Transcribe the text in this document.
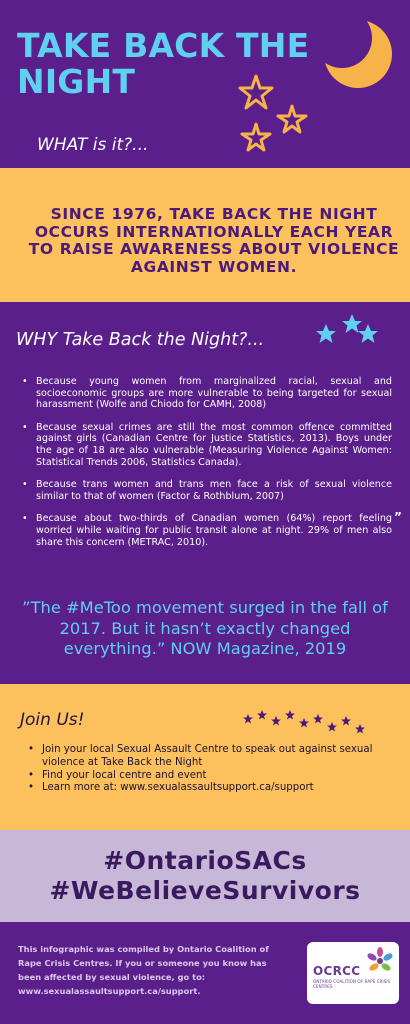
TAKE BACK THE NIGHT
WHAT is it?...

SINCE 1976, TAKE BACK THE NIGHT OCCURS INTERNATIONALLY EACH YEAR TO RAISE AWARENESS ABOUT VIOLENCE AGAINST WOMEN.

WHY Take Back the Night?...
• Because young women from marginalized racial, sexual and socioeconomic groups are more vulnerable to being targeted for sexual harassment (Wolfe and Chiodo for CAMH, 2008)
• Because sexual crimes are still the most common offence committed against girls (Canadian Centre for Justice Statistics, 2013). Boys under the age of 18 are also vulnerable (Measuring Violence Against Women: Statistical Trends 2006, Statistics Canada).
• Because trans women and trans men face a risk of sexual violence similar to that of women (Factor & Rothblum, 2007)
• Because about two-thirds of Canadian women (64%) report feeling worried while waiting for public transit alone at night. 29% of men also share this concern (METRAC, 2010).
”

”The #MeToo movement surged in the fall of 2017. But it hasn’t exactly changed everything.” NOW Magazine, 2019

Join Us!
• Join your local Sexual Assault Centre to speak out against sexual violence at Take Back the Night
• Find your local centre and event
• Learn more at: www.sexualassaultsupport.ca/support
#OntarioSACs
#WeBelieveSurvivors

This infographic was compiled by Ontario Coalition of Rape Crisis Centres. If you or someone you know has been affected by sexual violence, go to: www.sexualassaultsupport.ca/support.

OCRCC
ONTARIO COALITION OF RAPE CRISIS CENTRES
